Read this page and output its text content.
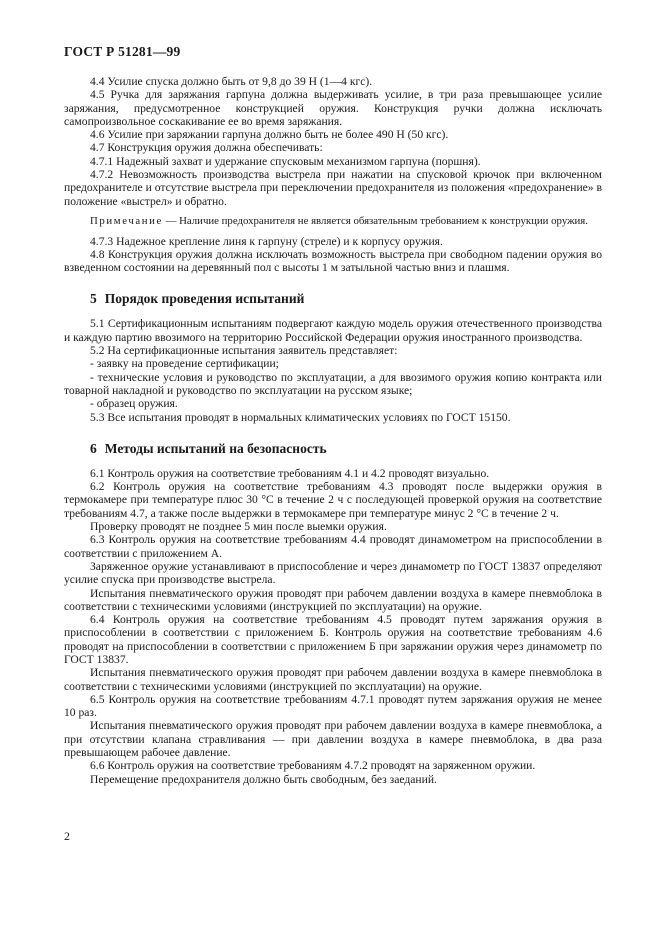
ГОСТ Р 51281—99

4.4 Усилие спуска должно быть от 9,8 до 39 Н (1—4 кгс).

4.5 Ручка для заряжания гарпуна должна выдерживать усилие, в три раза превышающее усилие заряжания, предусмотренное конструкцией оружия. Конструкция ручки должна исключать самопроизвольное соскакивание ее во время заряжания.

4.6 Усилие при заряжании гарпуна должно быть не более 490 Н (50 кгс).

4.7 Конструкция оружия должна обеспечивать:

4.7.1 Надежный захват и удержание спусковым механизмом гарпуна (поршня).

4.7.2 Невозможность производства выстрела при нажатии на спусковой крючок при включенном предохранителе и отсутствие выстрела при переключении предохранителя из положения «предохранение» в положение «выстрел» и обратно.

Примечание — Наличие предохранителя не является обязательным требованием к конструкции оружия.

4.7.3 Надежное крепление линя к гарпуну (стреле) и к корпусу оружия.

4.8 Конструкция оружия должна исключать возможность выстрела при свободном падении оружия во взведенном состоянии на деревянный пол с высоты 1 м затыльной частью вниз и плашмя.

5 Порядок проведения испытаний

5.1 Сертификационным испытаниям подвергают каждую модель оружия отечественного производства и каждую партию ввозимого на территорию Российской Федерации оружия иностранного производства.

5.2 На сертификационные испытания заявитель представляет:

- заявку на проведение сертификации;

- технические условия и руководство по эксплуатации, а для ввозимого оружия копию контракта или товарной накладной и руководство по эксплуатации на русском языке;

- образец оружия.

5.3 Все испытания проводят в нормальных климатических условиях по ГОСТ 15150.

6 Методы испытаний на безопасность

6.1 Контроль оружия на соответствие требованиям 4.1 и 4.2 проводят визуально.

6.2 Контроль оружия на соответствие требованиям 4.3 проводят после выдержки оружия в термокамере при температуре плюс 30 °С в течение 2 ч с последующей проверкой оружия на соответствие требованиям 4.7, а также после выдержки в термокамере при температуре минус 2 °С в течение 2 ч.

Проверку проводят не позднее 5 мин после выемки оружия.

6.3 Контроль оружия на соответствие требованиям 4.4 проводят динамометром на приспособлении в соответствии с приложением А.

Заряженное оружие устанавливают в приспособление и через динамометр по ГОСТ 13837 определяют усилие спуска при производстве выстрела.

Испытания пневматического оружия проводят при рабочем давлении воздуха в камере пневмоблока в соответствии с техническими условиями (инструкцией по эксплуатации) на оружие.

6.4 Контроль оружия на соответствие требованиям 4.5 проводят путем заряжания оружия в приспособлении в соответствии с приложением Б. Контроль оружия на соответствие требованиям 4.6 проводят на приспособлении в соответствии с приложением Б при заряжании оружия через динамометр по ГОСТ 13837.

Испытания пневматического оружия проводят при рабочем давлении воздуха в камере пневмоблока в соответствии с техническими условиями (инструкцией по эксплуатации) на оружие.

6.5 Контроль оружия на соответствие требованиям 4.7.1 проводят путем заряжания оружия не менее 10 раз.

Испытания пневматического оружия проводят при рабочем давлении воздуха в камере пневмоблока, а при отсутствии клапана стравливания — при давлении воздуха в камере пневмоблока, в два раза превышающем рабочее давление.

6.6 Контроль оружия на соответствие требованиям 4.7.2 проводят на заряженном оружии.

Перемещение предохранителя должно быть свободным, без заеданий.

2
